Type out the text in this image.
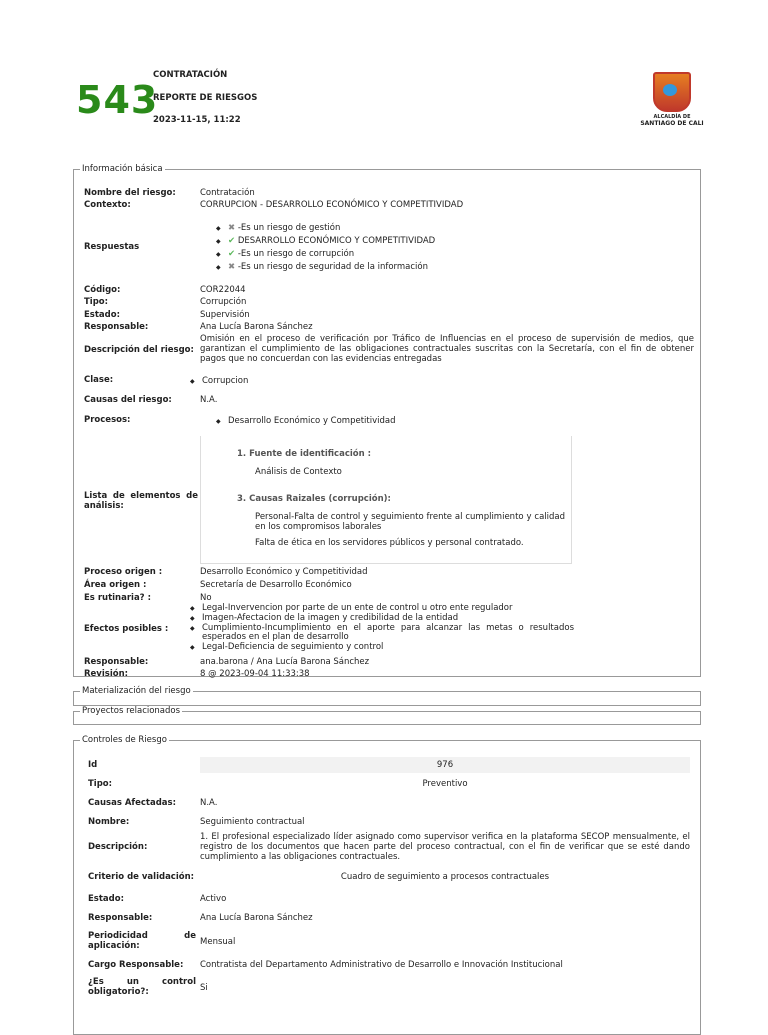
543
CONTRATACIÓN
REPORTE DE RIESGOS
2023-11-15, 11:22	ALCALDÍA DE
SANTIAGO DE CALI
Información básica
Nombre del riesgo:	Contratación
Contexto:	CORRUPCION - DESARROLLO ECONÓMICO Y COMPETITIVIDAD
Respuestas
◆ ✖ -Es un riesgo de gestión
◆ ✔ DESARROLLO ECONÓMICO Y COMPETITIVIDAD
◆ ✔ -Es un riesgo de corrupción
◆ ✖ -Es un riesgo de seguridad de la información
Código:	COR22044
Tipo:	Corrupción
Estado:	Supervisión
Responsable:	Ana Lucía Barona Sánchez
Descripción del riesgo:
Omisión en el proceso de verificación por Tráfico de Influencias en el proceso de supervisión de medios, que garantizan el cumplimiento de las obligaciones contractuales suscritas con la Secretaría, con el fin de obtener pagos que no concuerdan con las evidencias entregadas
Clase:	◆ Corrupcion
Causas del riesgo:	N.A.
Procesos:	◆ Desarrollo Económico y Competitividad
Lista de elementos de análisis:
1. Fuente de identificación :
Análisis de Contexto
3. Causas Raizales (corrupción):
Personal-Falta de control y seguimiento frente al cumplimiento y calidad en los compromisos laborales
Falta de ética en los servidores públicos y personal contratado.
Proceso origen :	Desarrollo Económico y Competitividad
Área origen :	Secretaría de Desarrollo Económico
Es rutinaria? :	No
Efectos posibles :
◆ Legal-Invervencion por parte de un ente de control u otro ente regulador
◆ Imagen-Afectacion de la imagen y credibilidad de la entidad
◆ Cumplimiento-Incumplimiento en el aporte para alcanzar las metas o resultados esperados en el plan de desarrollo
◆ Legal-Deficiencia de seguimiento y control
Responsable:	ana.barona / Ana Lucía Barona Sánchez
Revisión:	8 @ 2023-09-04 11:33:38
Materialización del riesgo
Proyectos relacionados
Controles de Riesgo
Id	976
Tipo:	Preventivo
Causas Afectadas:	N.A.
Nombre:	Seguimiento contractual
Descripción:
1. El profesional especializado líder asignado como supervisor verifica en la plataforma SECOP mensualmente, el registro de los documentos que hacen parte del proceso contractual, con el fin de verificar que se esté dando cumplimiento a las obligaciones contractuales.
Criterio de validación:	Cuadro de seguimiento a procesos contractuales
Estado:	Activo
Responsable:	Ana Lucía Barona Sánchez
Periodicidad de aplicación:	Mensual
Cargo Responsable:	Contratista del Departamento Administrativo de Desarrollo e Innovación Institucional
¿Es un control obligatorio?:	Si
